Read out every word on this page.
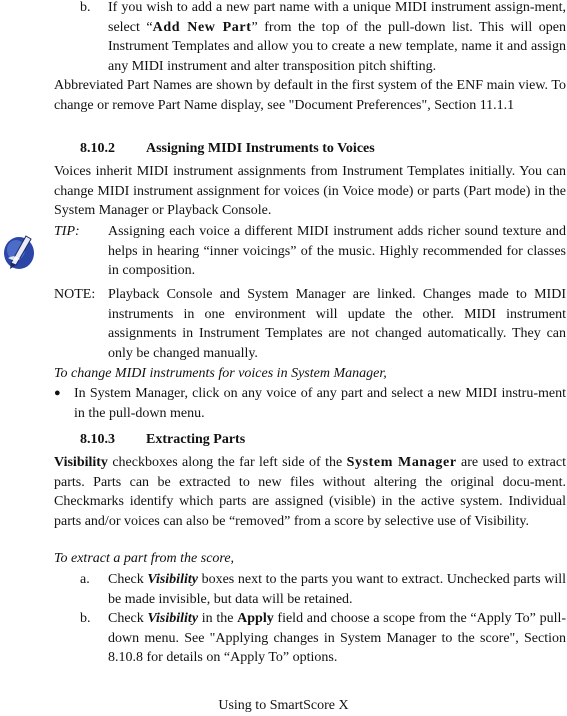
b.	If you wish to add a new part name with a unique MIDI instrument assign-ment, select “Add New Part” from the top of the pull-down list. This will open Instrument Templates and allow you to create a new template, name it and assign any MIDI instrument and alter transposition pitch shifting.

Abbreviated Part Names are shown by default in the first system of the ENF main view. To change or remove Part Name display, see "Document Preferences", Section 11.1.1

8.10.2	Assigning MIDI Instruments to Voices

Voices inherit MIDI instrument assignments from Instrument Templates initially. You can change MIDI instrument assignment for voices (in Voice mode) or parts (Part mode) in the System Manager or Playback Console.

TIP:	Assigning each voice a different MIDI instrument adds richer sound texture and helps in hearing “inner voicings” of the music. Highly recommended for classes in composition.
NOTE: Playback Console and System Manager are linked. Changes made to MIDI instruments in one environment will update the other. MIDI instrument assignments in Instrument Templates are not changed automatically. They can only be changed manually.

To change MIDI instruments for voices in System Manager,

● In System Manager, click on any voice of any part and select a new MIDI instru-ment in the pull-down menu.
8.10.3	Extracting Parts

Visibility checkboxes along the far left side of the System Manager are used to extract parts. Parts can be extracted to new files without altering the original docu-ment. Checkmarks identify which parts are assigned (visible) in the active system. Individual parts and/or voices can also be “removed” from a score by selective use of Visibility.

To extract a part from the score,

a.	Check Visibility boxes next to the parts you want to extract. Unchecked parts will be made invisible, but data will be retained.
b.	Check Visibility in the Apply field and choose a scope from the “Apply To” pull-down menu. See "Applying changes in System Manager to the score", Section 8.10.8 for details on “Apply To” options.
Using to SmartScore X
